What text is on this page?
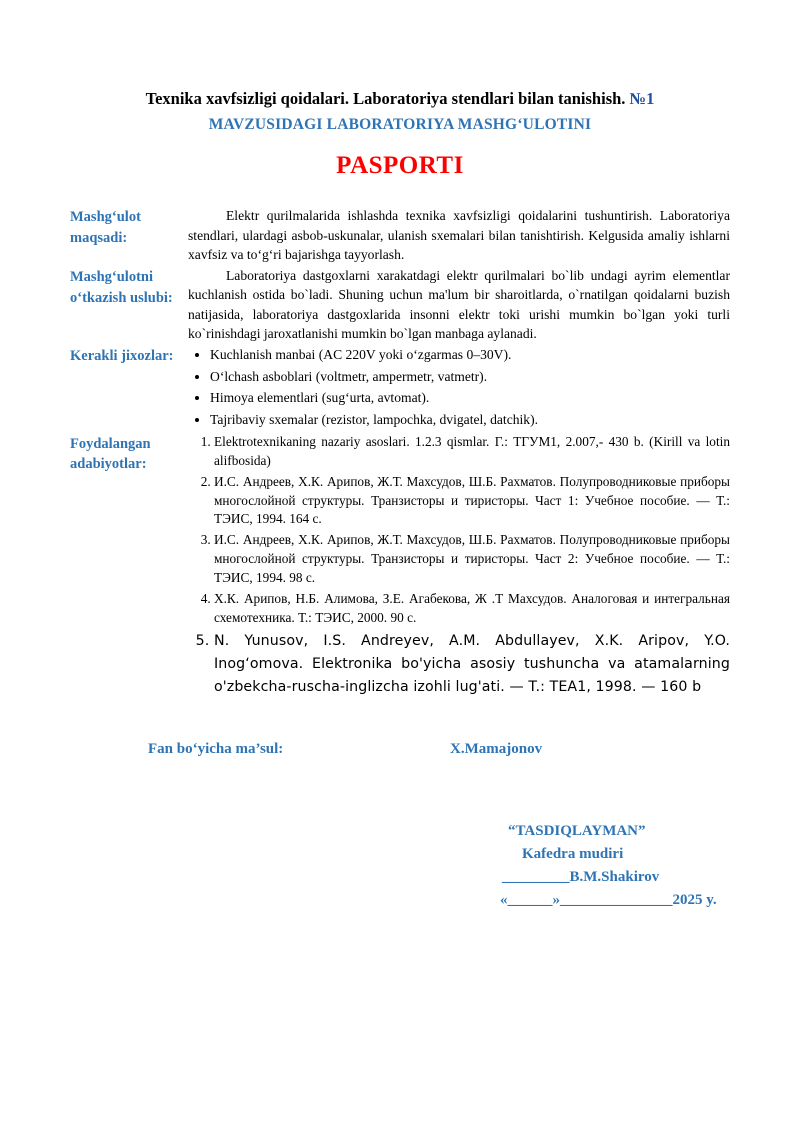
Texnika xavfsizligi qoidalari. Laboratoriya stendlari bilan tanishish. №1
MAVZUSIDAGI LABORATORIYA MASHG‘ULOTINI
PASPORTI
Mashg‘ulot maqsadi:
Elektr qurilmalarida ishlashda texnika xavfsizligi qoidalarini tushuntirish. Laboratoriya stendlari, ulardagi asbob-uskunalar, ulanish sxemalari bilan tanishtirish. Kelgusida amaliy ishlarni xavfsiz va to‘g‘ri bajarishga tayyorlash.
Mashg‘ulotni o‘tkazish uslubi:
Laboratoriya dastgoxlarni xarakatdagi elektr qurilmalari bo`lib undagi ayrim elementlar kuchlanish ostida bo`ladi. Shuning uchun ma'lum bir sharoitlarda, o`rnatilgan qoidalarni buzish natijasida, laboratoriya dastgoxlarida insonni elektr toki urishi mumkin bo`lgan yoki turli ko`rinishdagi jaroxatlanishi mumkin bo`lgan manbaga aylanadi.
Kerakli jixozlar:	• Kuchlanish manbai (AC 220V yoki o‘zgarmas 0–30V).
• O‘lchash asboblari (voltmetr, ampermetr, vatmetr).
• Himoya elementlari (sug‘urta, avtomat).
• Tajribaviy sxemalar (rezistor, lampochka, dvigatel, datchik).
Foydalangan adabiyotlar:
1. Elektrotexnikaning nazariy asoslari. 1.2.3 qismlar. Г.: ТГУМ1, 2.007,- 430 b. (Kirill va lotin alifbosida)
2. И.С. Андреев, Х.К. Арипов, Ж.Т. Махсудов, Ш.Б. Рахматов. Полупроводниковые приборы многослойной структуры. Транзисторы и тиристоры. Част 1: Учебное пособие. — Т.: ТЭИС, 1994. 164 с.
3. И.С. Андреев, Х.К. Арипов, Ж.Т. Махсудов, Ш.Б. Рахматов. Полупроводниковые приборы многослойной структуры. Транзисторы и тиристоры. Част 2: Учебное пособие. — Т.: ТЭИС, 1994. 98 с.
4. Х.К. Арипов, Н.Б. Алимова, З.Е. Агабекова, Ж .Т Махсудов. Аналоговая и интегральная схемотехника. Т.: ТЭИС, 2000. 90 с.
5. N. Yunusov, I.S. Andreyev, A.M. Abdullayev, X.K. Aripov, Y.O. Inog‘omova. Elektronika bo'yicha asosiy tushuncha va atamalarning o'zbekcha-ruscha-inglizcha izohli lug'ati. — T.: TEA1, 1998. — 160 b
Fan bo‘yicha ma’sul:	X.Mamajonov
“TASDIQLAYMAN”
Kafedra mudiri
_________B.M.Shakirov
«______»_______________2025 y.
